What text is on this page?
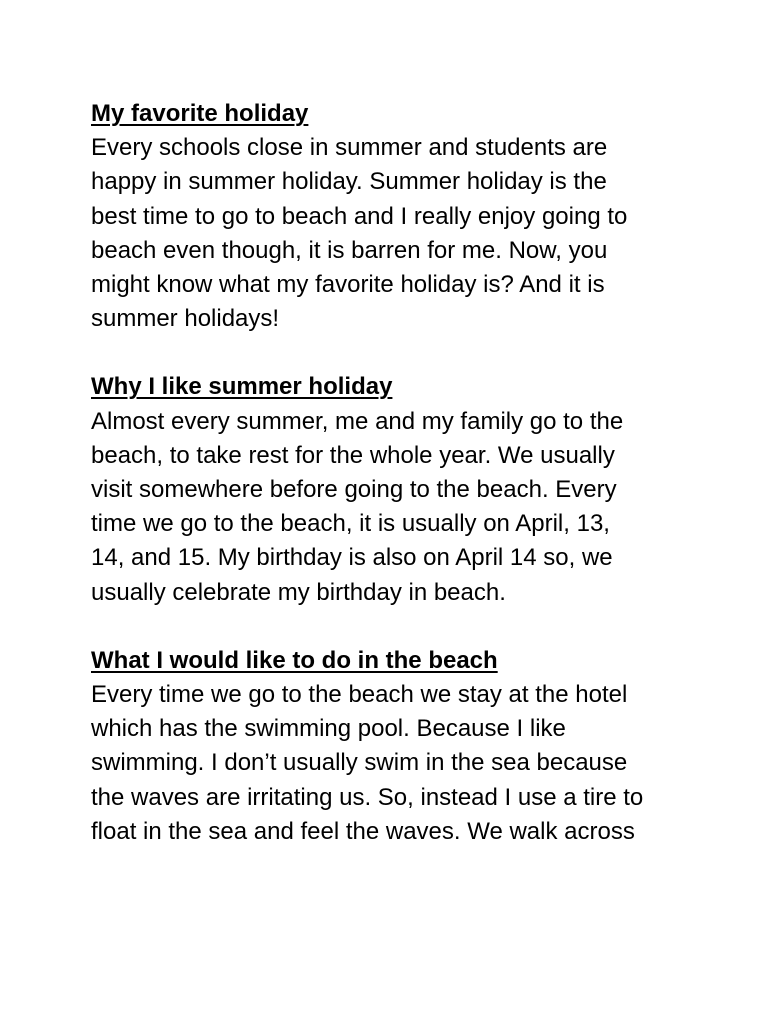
My favorite holiday

Every schools close in summer and students are
happy in summer holiday. Summer holiday is the
best time to go to beach and I really enjoy going to
beach even though, it is barren for me. Now, you
might know what my favorite holiday is? And it is
summer holidays!

Why I like summer holiday

Almost every summer, me and my family go to the
beach, to take rest for the whole year. We usually
visit somewhere before going to the beach. Every
time we go to the beach, it is usually on April, 13,
14, and 15. My birthday is also on April 14 so, we
usually celebrate my birthday in beach.

What I would like to do in the beach

Every time we go to the beach we stay at the hotel
which has the swimming pool. Because I like
swimming. I don’t usually swim in the sea because
the waves are irritating us. So, instead I use a tire to
float in the sea and feel the waves. We walk across
